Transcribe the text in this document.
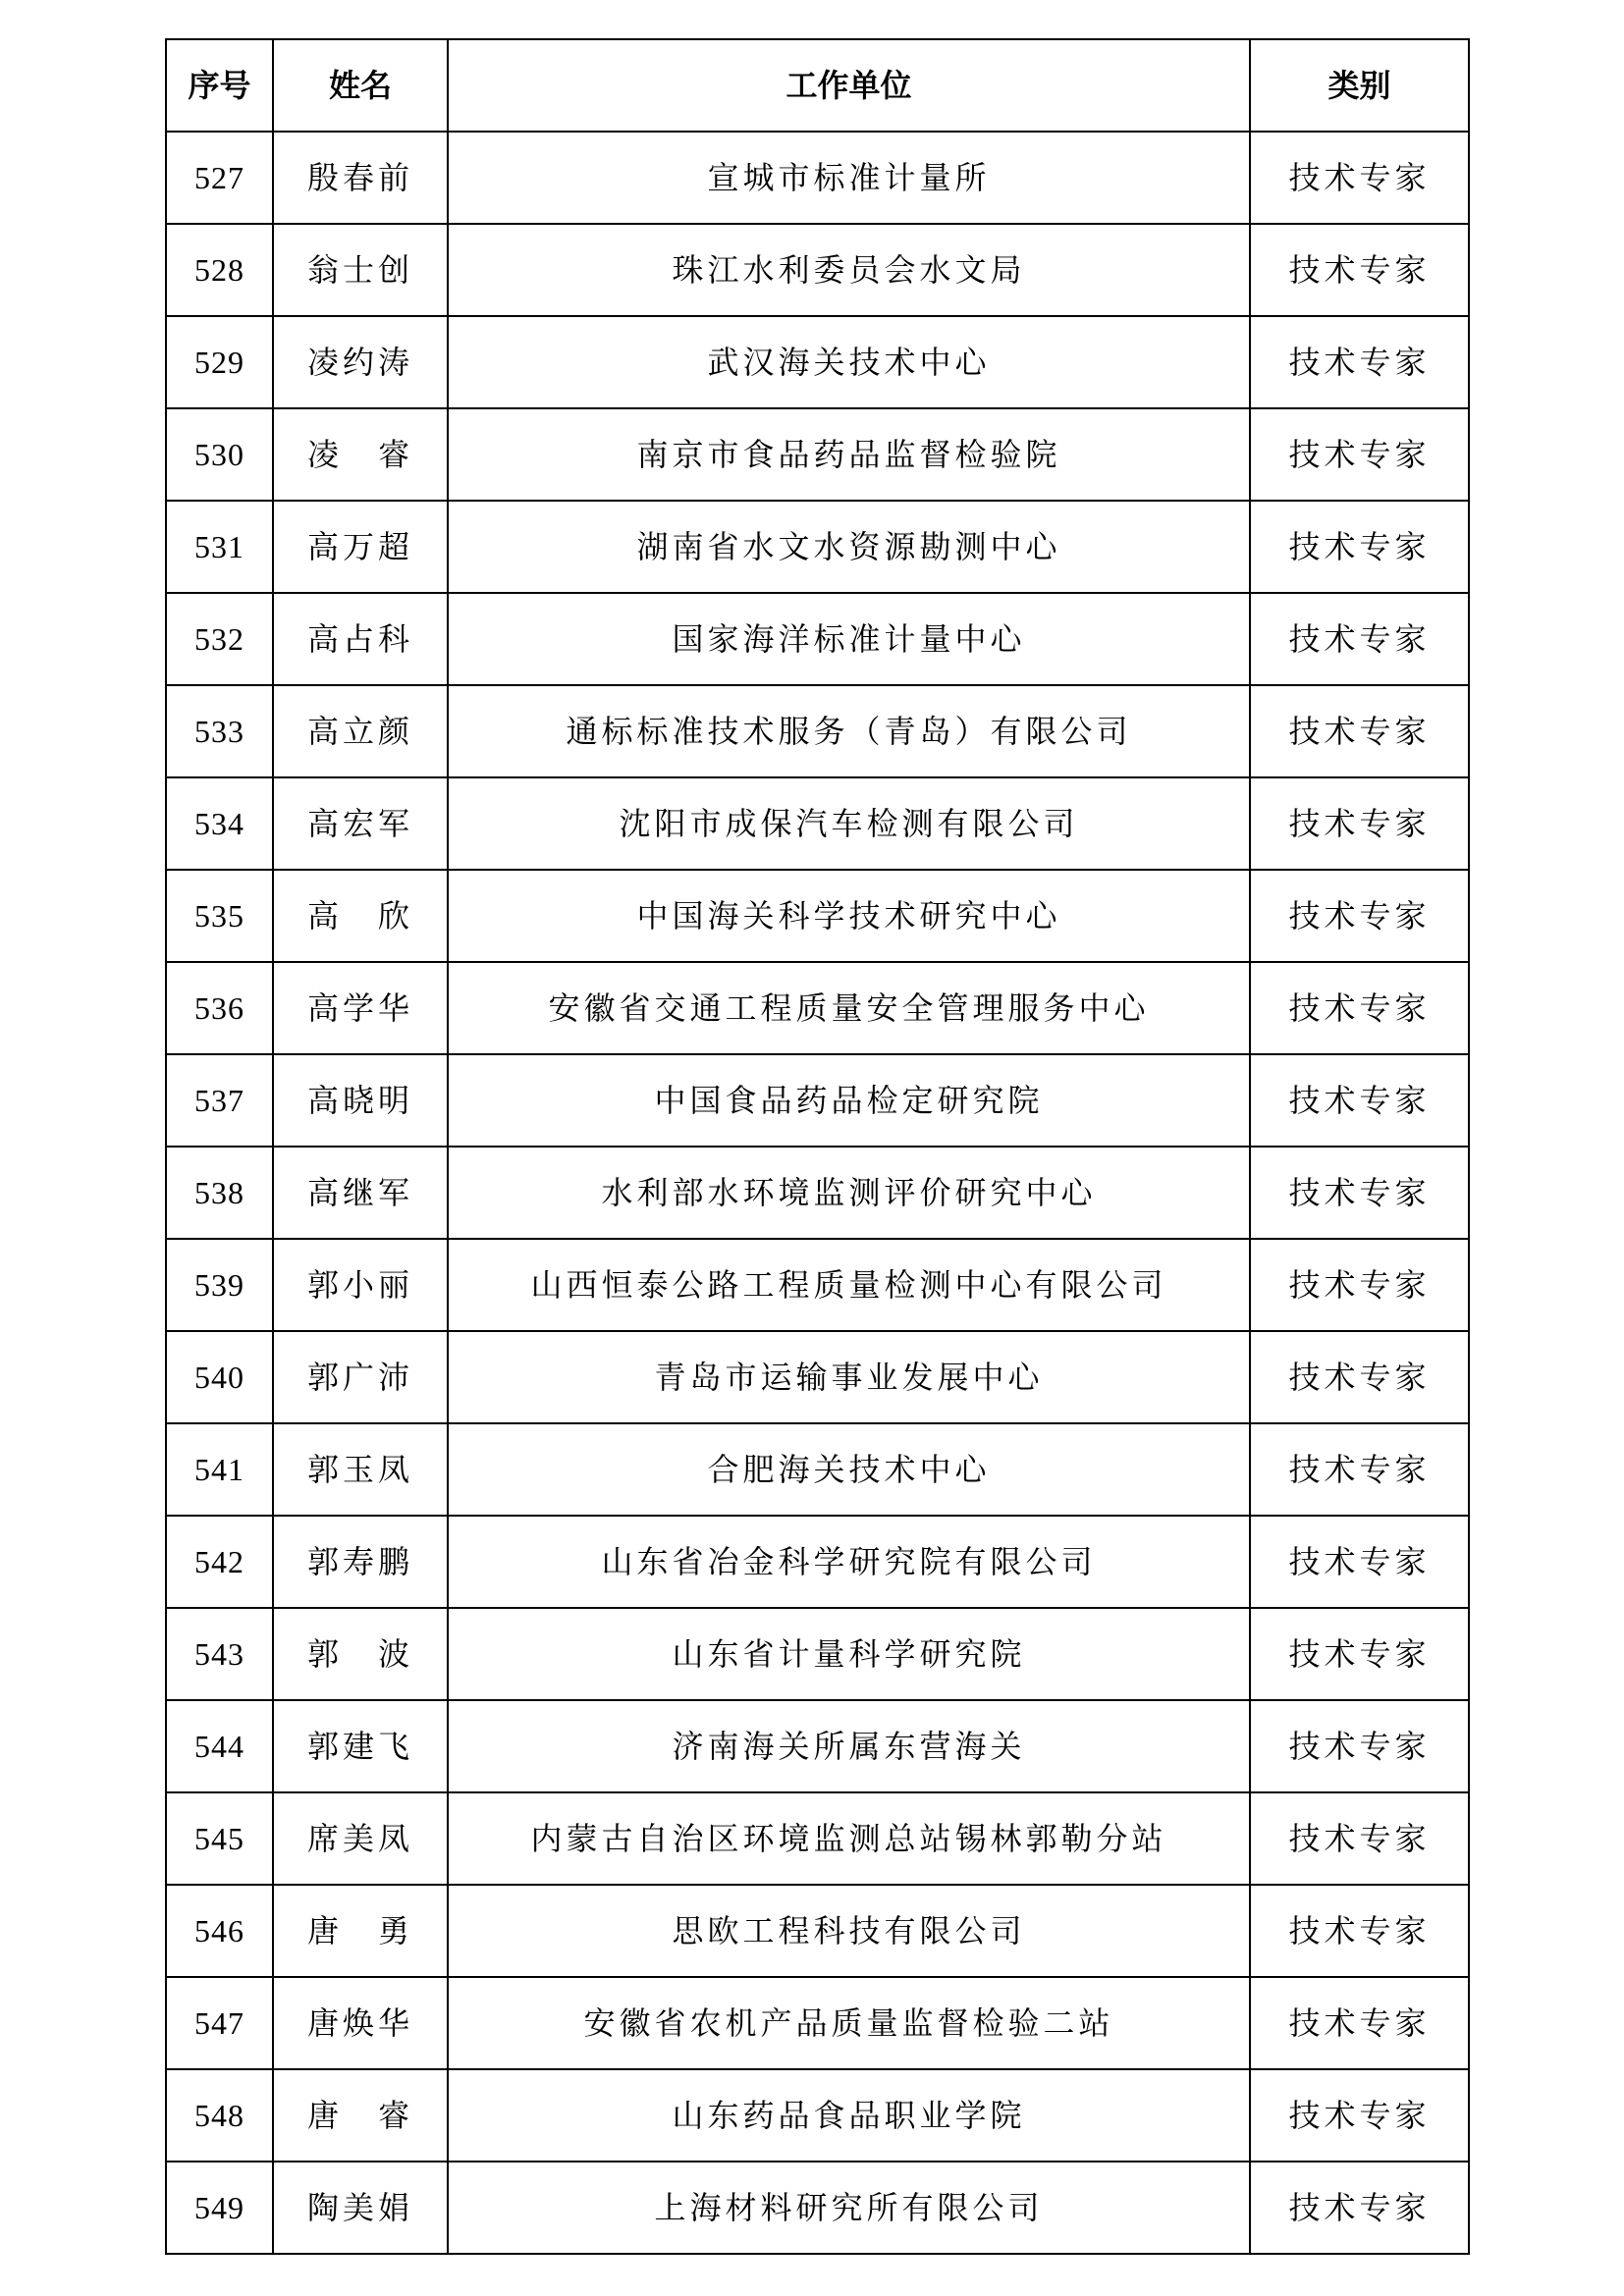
序号	姓名	工作单位	类别
527	殷春前	宣城市标准计量所	技术专家
528	翁士创	珠江水利委员会水文局	技术专家
529	凌约涛	武汉海关技术中心	技术专家
530	凌　睿	南京市食品药品监督检验院	技术专家
531	高万超	湖南省水文水资源勘测中心	技术专家
532	高占科	国家海洋标准计量中心	技术专家
533	高立颜	通标标准技术服务（青岛）有限公司	技术专家
534	高宏军	沈阳市成保汽车检测有限公司	技术专家
535	高　欣	中国海关科学技术研究中心	技术专家
536	高学华	安徽省交通工程质量安全管理服务中心	技术专家
537	高晓明	中国食品药品检定研究院	技术专家
538	高继军	水利部水环境监测评价研究中心	技术专家
539	郭小丽	山西恒泰公路工程质量检测中心有限公司	技术专家
540	郭广沛	青岛市运输事业发展中心	技术专家
541	郭玉凤	合肥海关技术中心	技术专家
542	郭寿鹏	山东省冶金科学研究院有限公司	技术专家
543	郭　波	山东省计量科学研究院	技术专家
544	郭建飞	济南海关所属东营海关	技术专家
545	席美凤	内蒙古自治区环境监测总站锡林郭勒分站	技术专家
546	唐　勇	思欧工程科技有限公司	技术专家
547	唐焕华	安徽省农机产品质量监督检验二站	技术专家
548	唐　睿	山东药品食品职业学院	技术专家
549	陶美娟	上海材料研究所有限公司	技术专家
